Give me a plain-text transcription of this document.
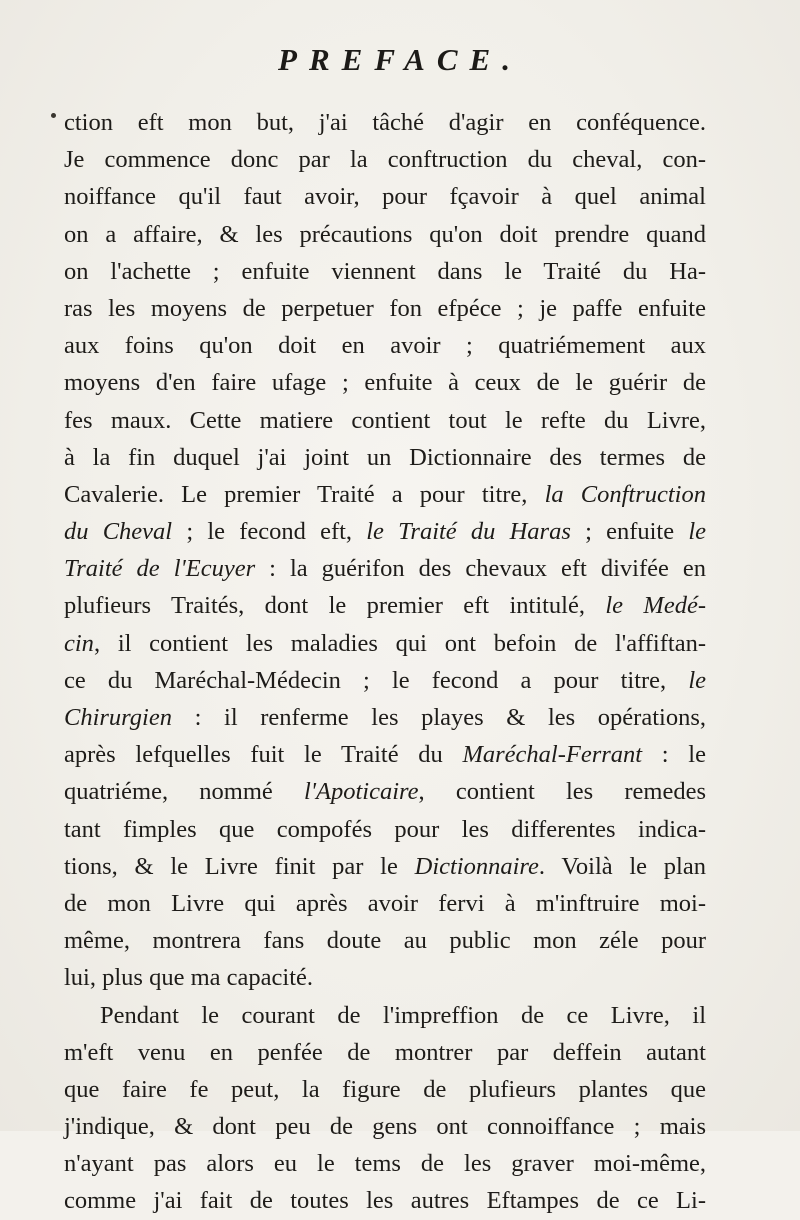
PREFACE.
ction eft mon but, j'ai tâché d'agir en conféquence.
Je commence donc par la conftruction du cheval, con-
noiffance qu'il faut avoir, pour fçavoir à quel animal
on a affaire, & les précautions qu'on doit prendre quand
on l'achette ; enfuite viennent dans le Traité du Ha-
ras les moyens de perpetuer fon efpéce ; je paffe enfuite
aux foins qu'on doit en avoir ; quatriémement aux
moyens d'en faire ufage ; enfuite à ceux de le guérir de
fes maux. Cette matiere contient tout le refte du Livre,
à la fin duquel j'ai joint un Dictionnaire des termes de
Cavalerie. Le premier Traité a pour titre, la Conftruction
du Cheval ; le fecond eft, le Traité du Haras ; enfuite le
Traité de l'Ecuyer : la guérifon des chevaux eft divifée en
plufieurs Traités, dont le premier eft intitulé, le Medé-
cin, il contient les maladies qui ont befoin de l'affiftan-
ce du Maréchal-Médecin ; le fecond a pour titre, le
Chirurgien : il renferme les playes & les opérations,
après lefquelles fuit le Traité du Maréchal-Ferrant : le
quatriéme, nommé l'Apoticaire, contient les remedes
tant fimples que compofés pour les differentes indica-
tions, & le Livre finit par le Dictionnaire. Voilà le plan
de mon Livre qui après avoir fervi à m'inftruire moi-
même, montrera fans doute au public mon zéle pour
lui, plus que ma capacité.
Pendant le courant de l'impreffion de ce Livre, il
m'eft venu en penfée de montrer par deffein autant
que faire fe peut, la figure de plufieurs plantes que
j'indique, & dont peu de gens ont connoiffance ; mais
n'ayant pas alors eu le tems de les graver moi-même,
comme j'ai fait de toutes les autres Eftampes de ce Li-
